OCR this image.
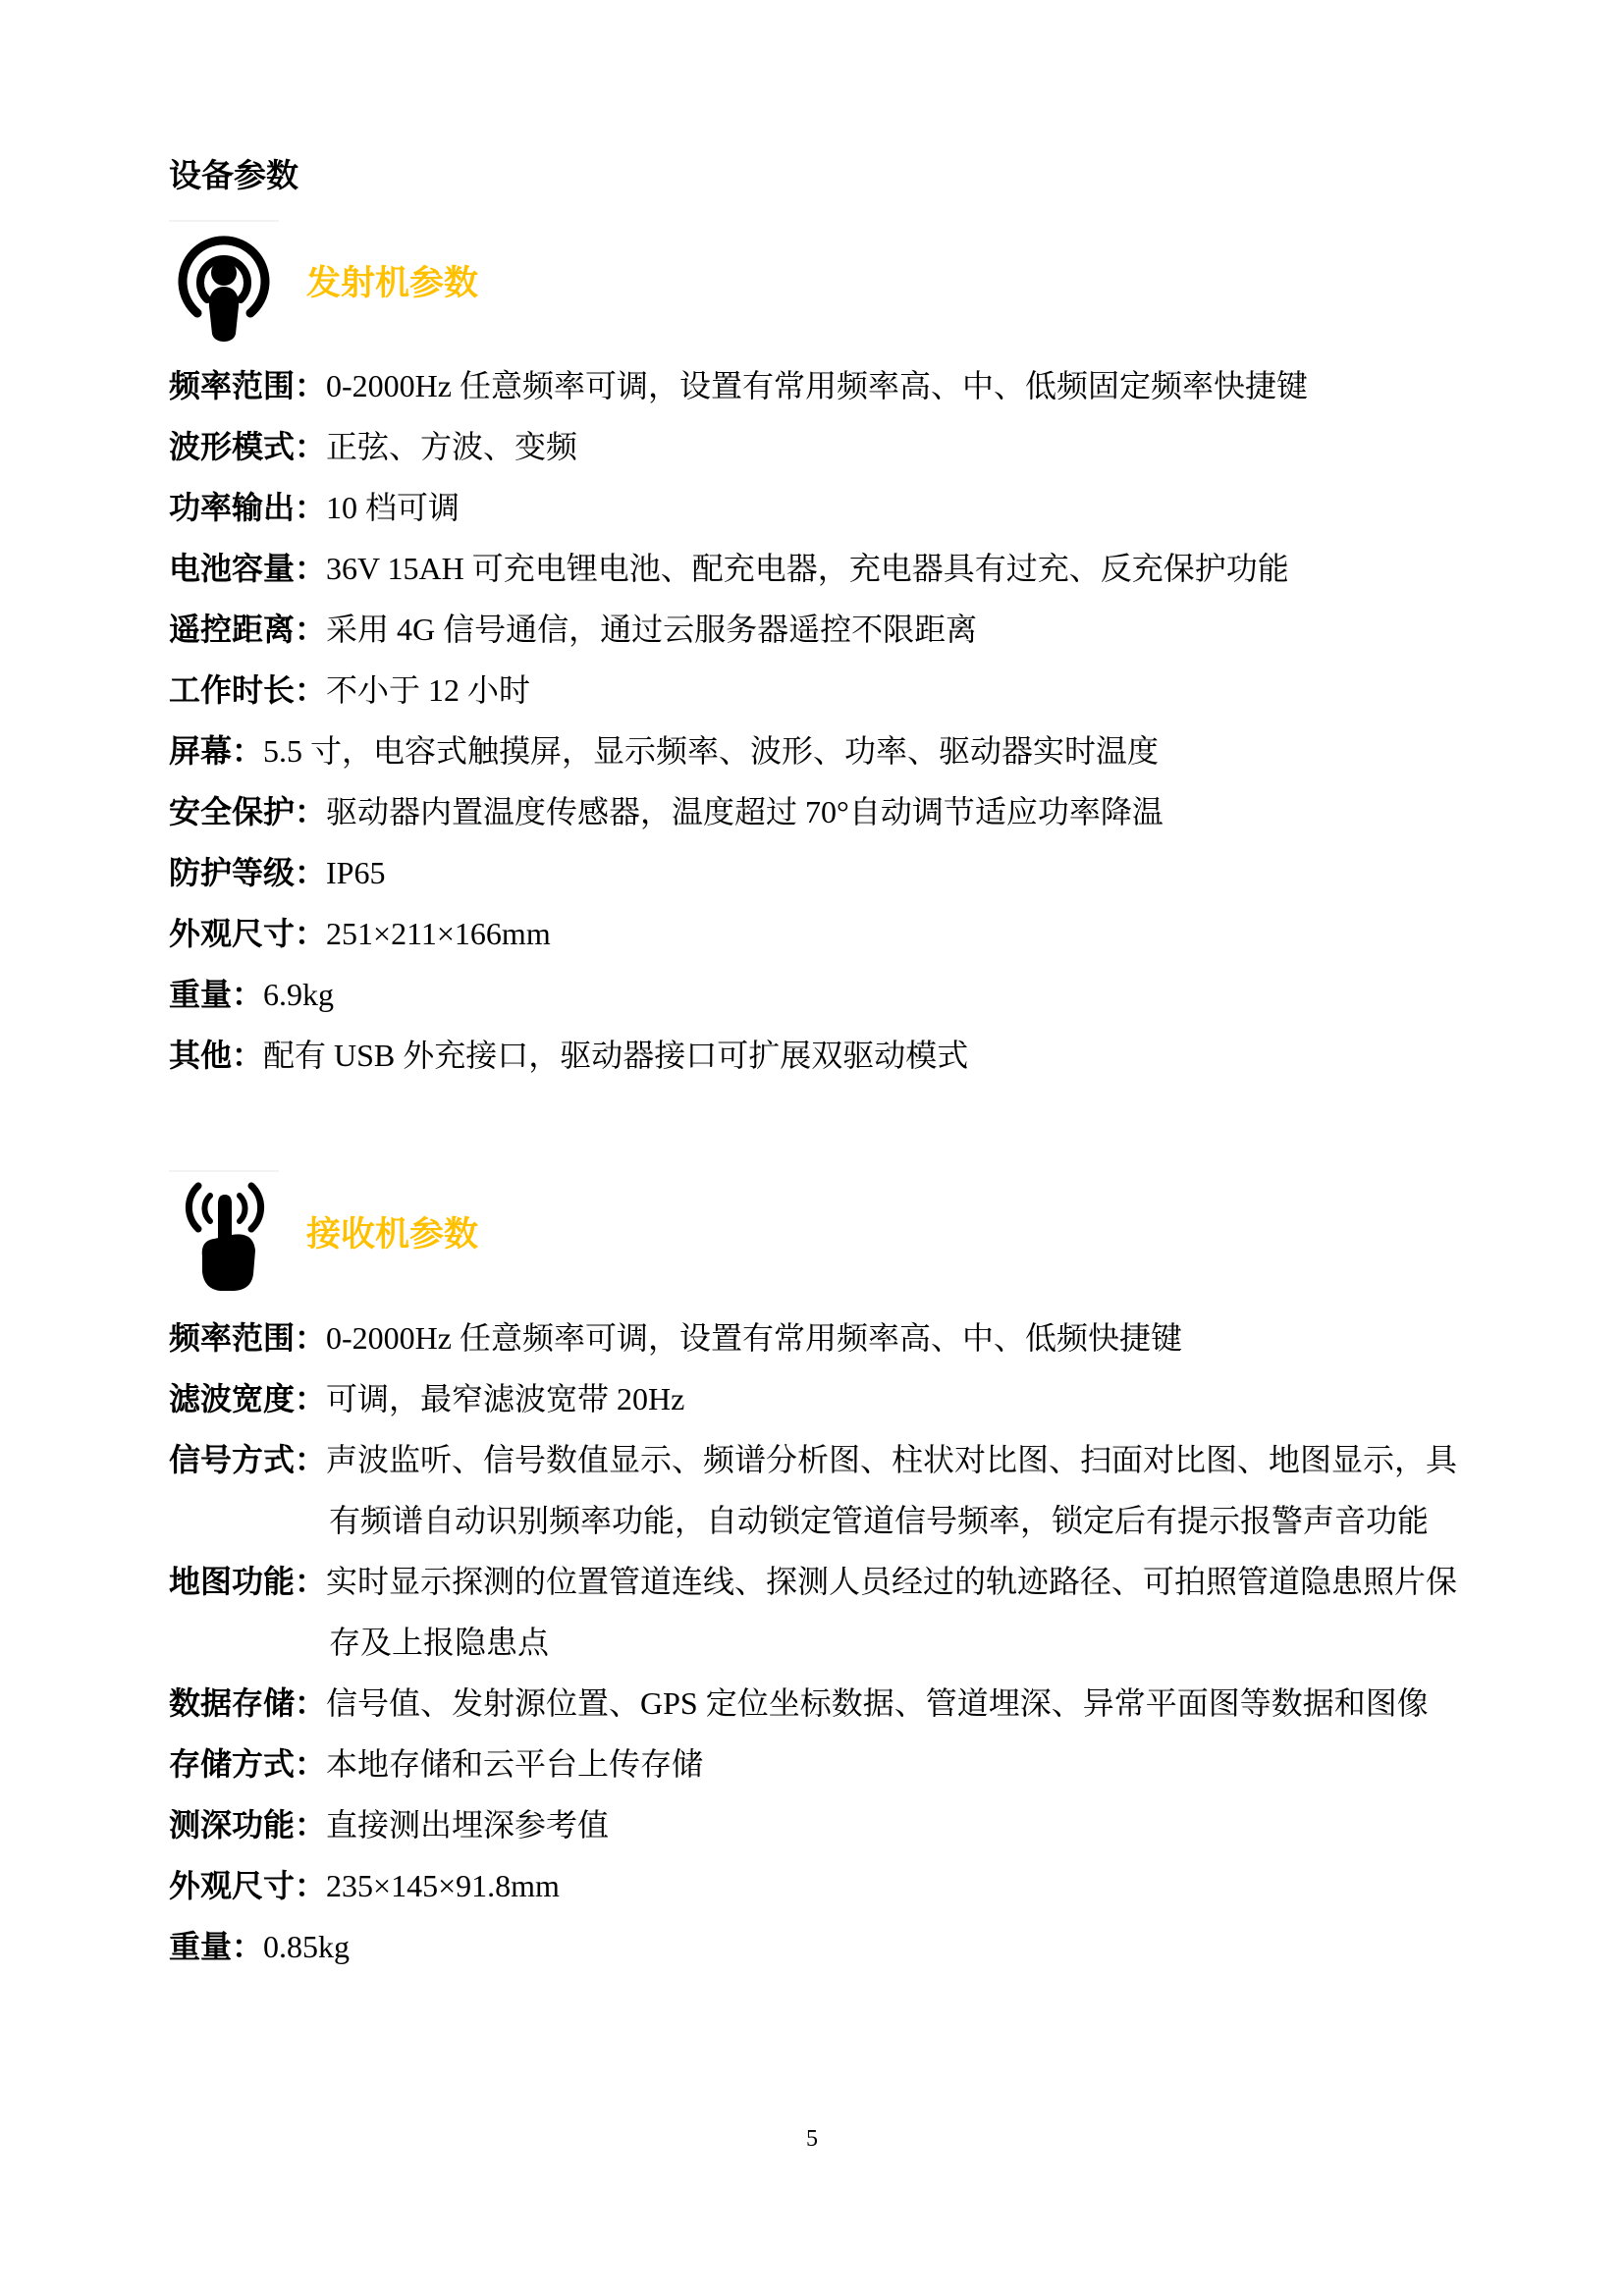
设备参数
发射机参数

频率范围：0-2000Hz 任意频率可调，设置有常用频率高、中、低频固定频率快捷键

波形模式：正弦、方波、变频

功率输出：10 档可调

电池容量：36V 15AH 可充电锂电池、配充电器，充电器具有过充、反充保护功能

遥控距离：采用 4G 信号通信，通过云服务器遥控不限距离

工作时长：不小于 12 小时

屏幕：5.5 寸，电容式触摸屏，显示频率、波形、功率、驱动器实时温度

安全保护：驱动器内置温度传感器，温度超过 70°自动调节适应功率降温

防护等级：IP65

外观尺寸：251×211×166mm

重量：6.9kg

其他：配有 USB 外充接口，驱动器接口可扩展双驱动模式

接收机参数

频率范围：0-2000Hz 任意频率可调，设置有常用频率高、中、低频快捷键

滤波宽度：可调，最窄滤波宽带 20Hz

信号方式：声波监听、信号数值显示、频谱分析图、柱状对比图、扫面对比图、地图显示，具有频谱自动识别频率功能，自动锁定管道信号频率，锁定后有提示报警声音功能

地图功能：实时显示探测的位置管道连线、探测人员经过的轨迹路径、可拍照管道隐患照片保存及上报隐患点

数据存储：信号值、发射源位置、GPS 定位坐标数据、管道埋深、异常平面图等数据和图像

存储方式：本地存储和云平台上传存储

测深功能：直接测出埋深参考值

外观尺寸：235×145×91.8mm

重量：0.85kg

5
